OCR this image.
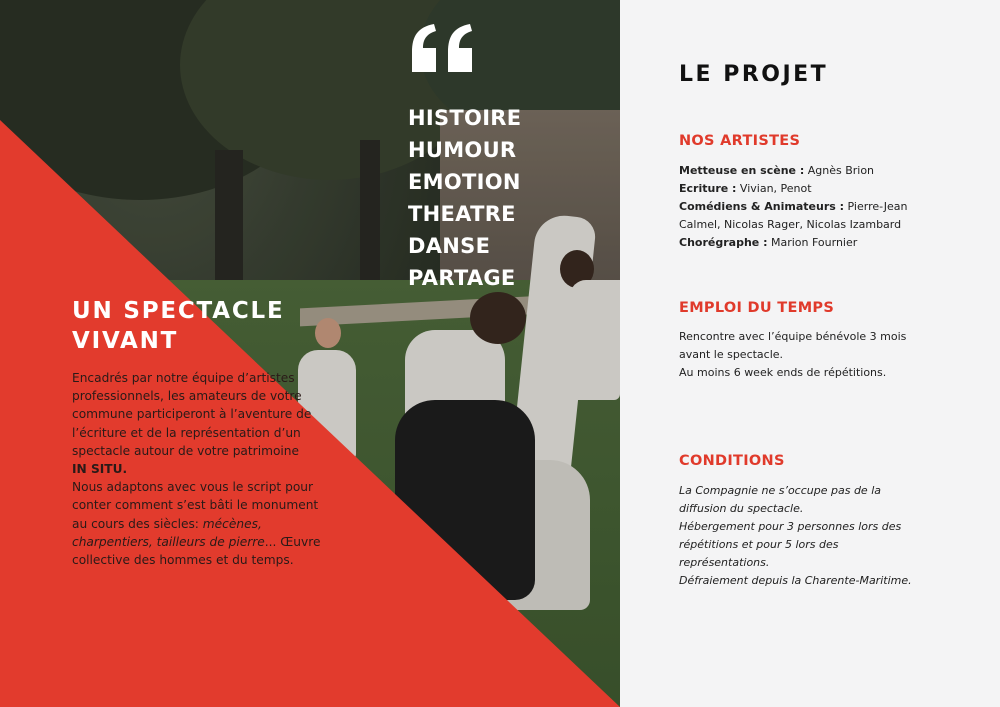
HISTOIRE
HUMOUR
EMOTION
THEATRE
DANSE
PARTAGE
UN SPECTACLE
VIVANT

Encadrés par notre équipe d’artistes professionnels, les amateurs de votre commune participeront à l’aventure de l’écriture et de la représentation d’un spectacle autour de votre patrimoine

IN SITU.

Nous adaptons avec vous le script pour conter comment s’est bâti le monument au cours des siècles: mécènes, charpentiers, tailleurs de pierre... Œuvre collective des hommes et du temps.

LE PROJET
NOS ARTISTES

Metteuse en scène : Agnès Brion

Ecriture : Vivian, Penot

Comédiens & Animateurs : Pierre-Jean Calmel, Nicolas Rager, Nicolas Izambard

Chorégraphe : Marion Fournier

EMPLOI DU TEMPS

Rencontre avec l’équipe bénévole 3 mois avant le spectacle.

Au moins 6 week ends de répétitions.

CONDITIONS

La Compagnie ne s’occupe pas de la diffusion du spectacle.

Hébergement pour 3 personnes lors des répétitions et pour 5 lors des représentations.

Défraiement depuis la Charente-Maritime.
